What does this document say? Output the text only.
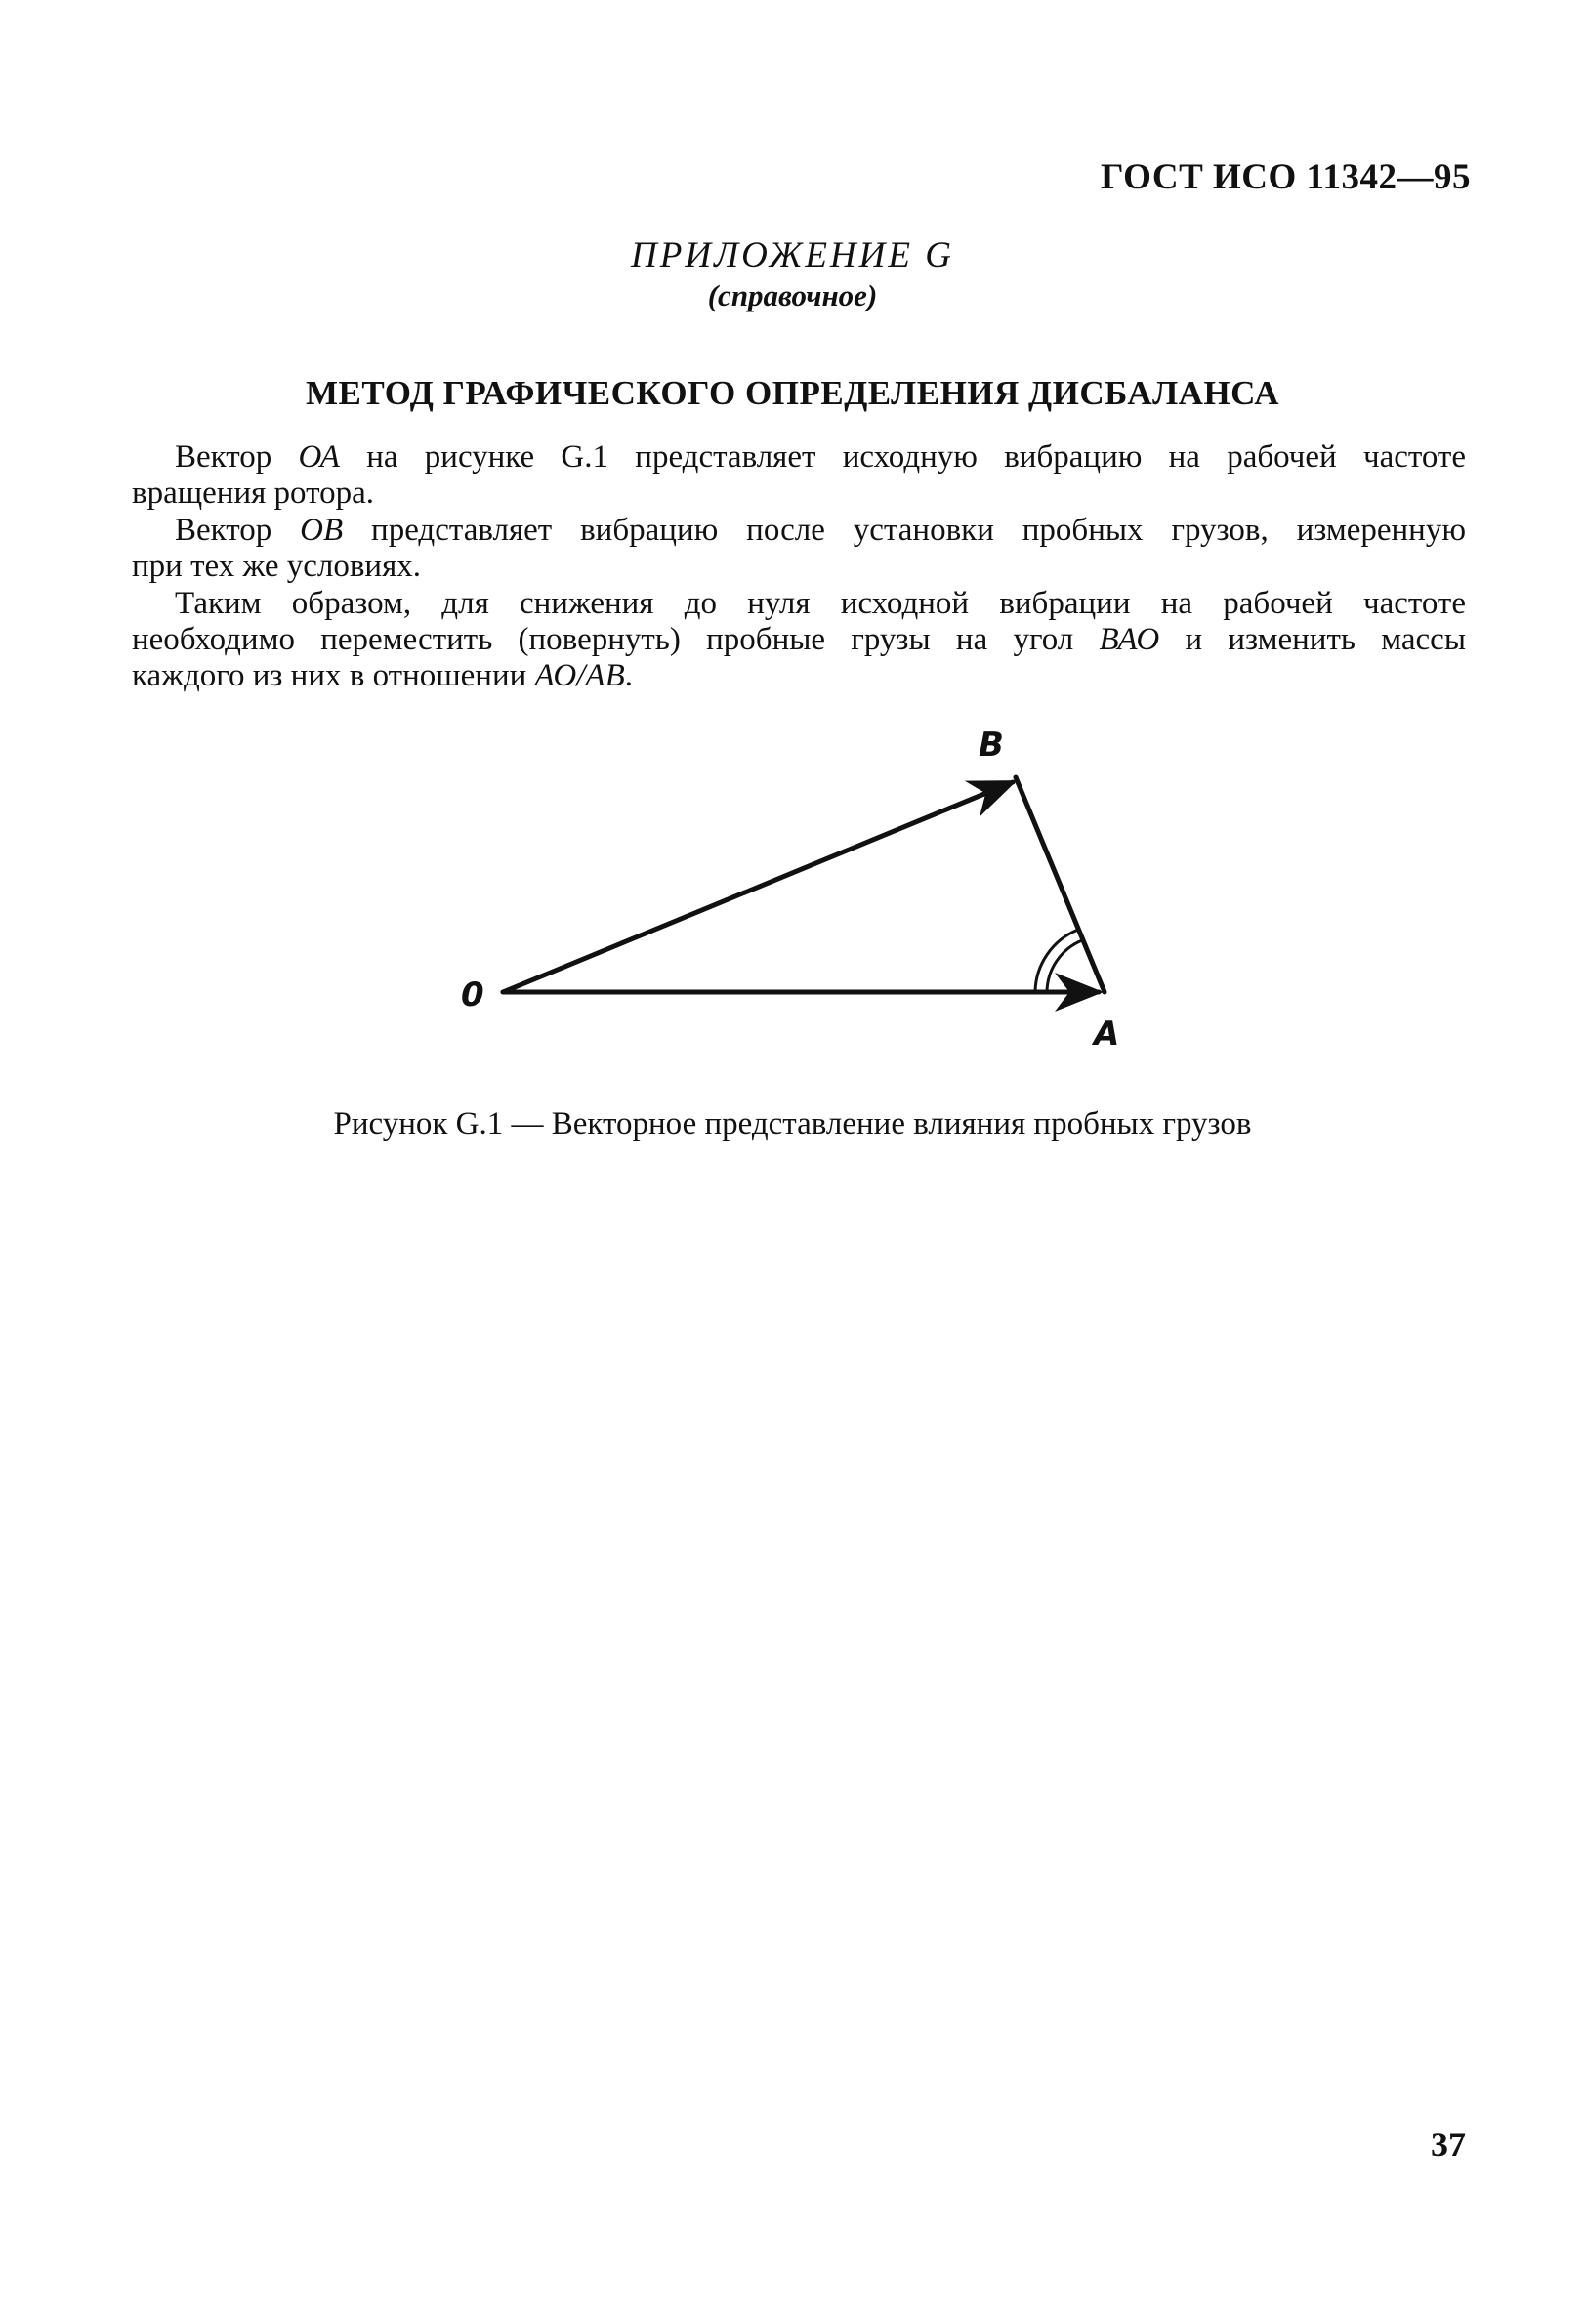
ГОСТ ИСО 11342—95
ПРИЛОЖЕНИЕ G
(справочное)
МЕТОД ГРАФИЧЕСКОГО ОПРЕДЕЛЕНИЯ ДИСБАЛАНСА

Вектор ОА на рисунке G.1 представляет исходную вибрацию на рабочей частоте
вращения ротора.

Вектор ОВ представляет вибрацию после установки пробных грузов, измеренную
при тех же условиях.

Таким образом, для снижения до нуля исходной вибрации на рабочей частоте
необходимо переместить (повернуть) пробные грузы на угол ВАО и изменить массы
каждого из них в отношении АО/АВ.

0
A
B
Рисунок G.1 — Векторное представление влияния пробных грузов
37
